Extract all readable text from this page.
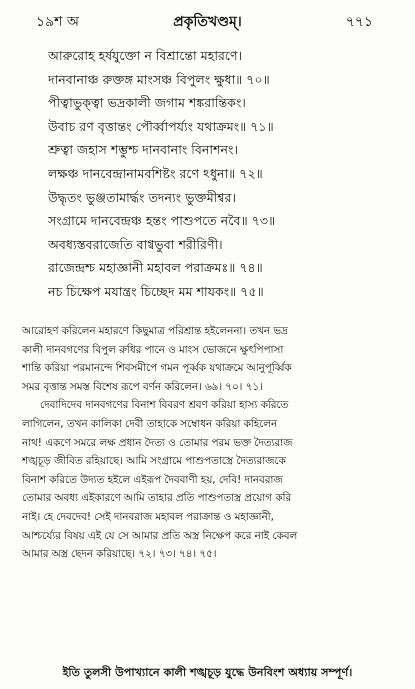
১৯শ অ	প্রকৃতিখণ্ডম্।	৭৭১
আরুরোহ হর্ষযুক্তো ন বিশ্রান্তো মহারণে।
দানবানাঞ্চ রুক্তঙ্গ মাংসঞ্চ বিপুলং ক্ষুধা॥ ৭০॥
পীত্বাভুক্ত্বা ভদ্রকালী জগাম শঙ্করান্তিকং।
উবাচ রণ বৃত্তান্তং পৌর্ব্বাপর্য্যং যথাক্রমং॥ ৭১॥
শ্রুত্বা জহাস শম্ভুশ্চ দানবানাং বিনাশনং।
লক্ষঞ্চ দানবেন্দ্রানামবশিষ্টং রণে ঽধুনা॥ ৭২॥
উদ্ধৃতং ভুঞ্জতামার্দ্ধং তদন্যং ভুক্তমীশ্বর।
সংগ্রামে দানবেন্দ্রঞ্চ হন্তং পাশুপতে নবৈ॥ ৭৩॥
অবধ্যস্তবরাজেতি বাগ্বভুবা শরীরিণী।
রাজেন্দ্রশ্চ মহাজ্ঞানী মহাবল পরাক্রমঃ॥ ৭৪॥
নচ চিক্ষেপ মযান্ত্রং চিচ্ছেদ মম শাযকং॥ ৭৫॥
আরোহণ করিলেন মহারণে কিছুমাত্র পরিশ্রান্ত হইলেননা। তখন ভদ্র
কালী দানবগণের বিপুল রুধির পানে ও মাংস ভোজনে ক্ষুৎপিপাসা
শান্তি করিয়া পরমানন্দে শিবসমীপে গমন পূর্ব্বক যথাক্রমে আনুপূর্ব্বিক
সমর বৃত্তান্ত সমস্ত বিশেষ রূপে বর্ণন করিলেন। ৬৯। ৭০। ৭১।
দেবাদিদেব দানবগণের বিনাশ বিবরণ শ্রবণ করিয়া হাস্য করিতে
লাগিলেন, তখন কালিকা দেবী তাহাকে সম্বোধন করিয়া কহিলেন
নাথ! একণে সমরে লক্ষ প্রধান দৈত্য ও তোমার পরম ভক্ত দৈত্যরাজ
শঙ্খচূড় জীবিত রহিয়াছে। আমি সংগ্রামে পাশুপতাস্ত্রে দৈত্যরাজকে
বিনাশ করিতে উদ্যত হইলে এইরূপ দৈববাণী হয়, দেবি! দানবরাজ
তোমার অবধ্য এইকারণে আমি তাহার প্রতি পাশুপতাস্ত্র প্রয়োগ করি
নাই। হে দেবদেব! সেই দানবরাজ মহাবল পরাক্রান্ত ও মহাজ্ঞানী,
আশ্চর্য্যের বিষয় এই যে সে আমার প্রতি অস্ত্র নিক্ষেপ করে নাই কেবল
আমার অস্ত্র ছেদন করিয়াছে। ৭২। ৭৩। ৭৪। ৭৫।
ইতি তুলসী উপাখ্যানে কালী শঙ্খচূড় যুদ্ধে উনবিংশ অধ্যায় সম্পূর্ণ।
